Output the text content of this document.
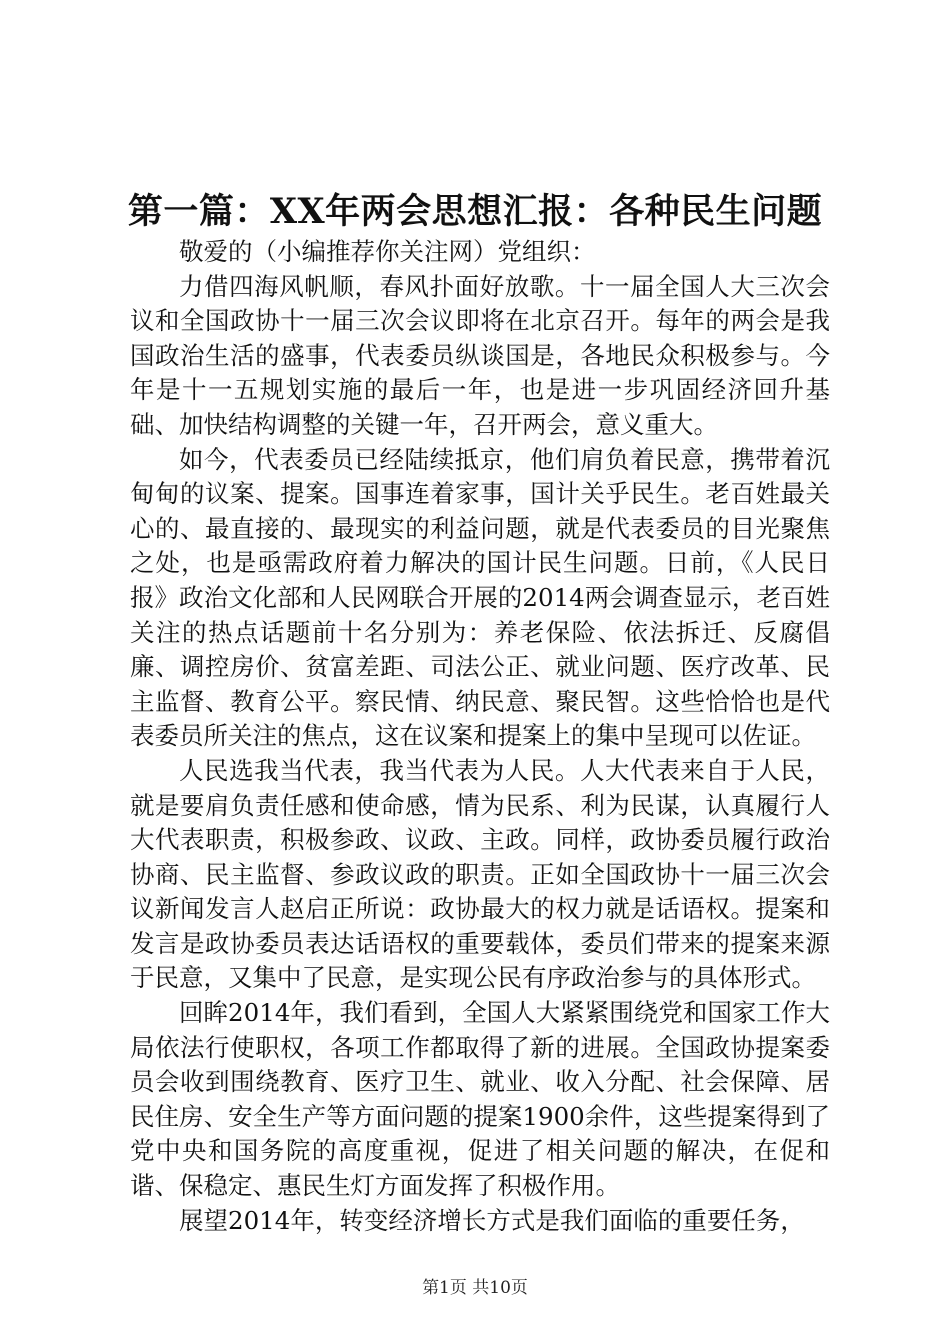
第一篇：XX年两会思想汇报：各种民生问题

敬爱的（小编推荐你关注网）党组织：

力借四海风帆顺，春风扑面好放歌。十一届全国人大三次会议和全国政协十一届三次会议即将在北京召开。每年的两会是我国政治生活的盛事，代表委员纵谈国是，各地民众积极参与。今年是十一五规划实施的最后一年，也是进一步巩固经济回升基础、加快结构调整的关键一年，召开两会，意义重大。

如今，代表委员已经陆续抵京，他们肩负着民意，携带着沉甸甸的议案、提案。国事连着家事，国计关乎民生。老百姓最关心的、最直接的、最现实的利益问题，就是代表委员的目光聚焦之处，也是亟需政府着力解决的国计民生问题。日前，《人民日报》政治文化部和人民网联合开展的2014两会调查显示，老百姓关注的热点话题前十名分别为：养老保险、依法拆迁、反腐倡廉、调控房价、贫富差距、司法公正、就业问题、医疗改革、民主监督、教育公平。察民情、纳民意、聚民智。这些恰恰也是代表委员所关注的焦点，这在议案和提案上的集中呈现可以佐证。

人民选我当代表，我当代表为人民。人大代表来自于人民，就是要肩负责任感和使命感，情为民系、利为民谋，认真履行人大代表职责，积极参政、议政、主政。同样，政协委员履行政治协商、民主监督、参政议政的职责。正如全国政协十一届三次会议新闻发言人赵启正所说：政协最大的权力就是话语权。提案和发言是政协委员表达话语权的重要载体，委员们带来的提案来源于民意，又集中了民意，是实现公民有序政治参与的具体形式。

回眸2014年，我们看到，全国人大紧紧围绕党和国家工作大局依法行使职权，各项工作都取得了新的进展。全国政协提案委员会收到围绕教育、医疗卫生、就业、收入分配、社会保障、居民住房、安全生产等方面问题的提案1900余件，这些提案得到了党中央和国务院的高度重视，促进了相关问题的解决，在促和谐、保稳定、惠民生灯方面发挥了积极作用。

展望2014年，转变经济增长方式是我们面临的重要任务，

第1页 共10页
